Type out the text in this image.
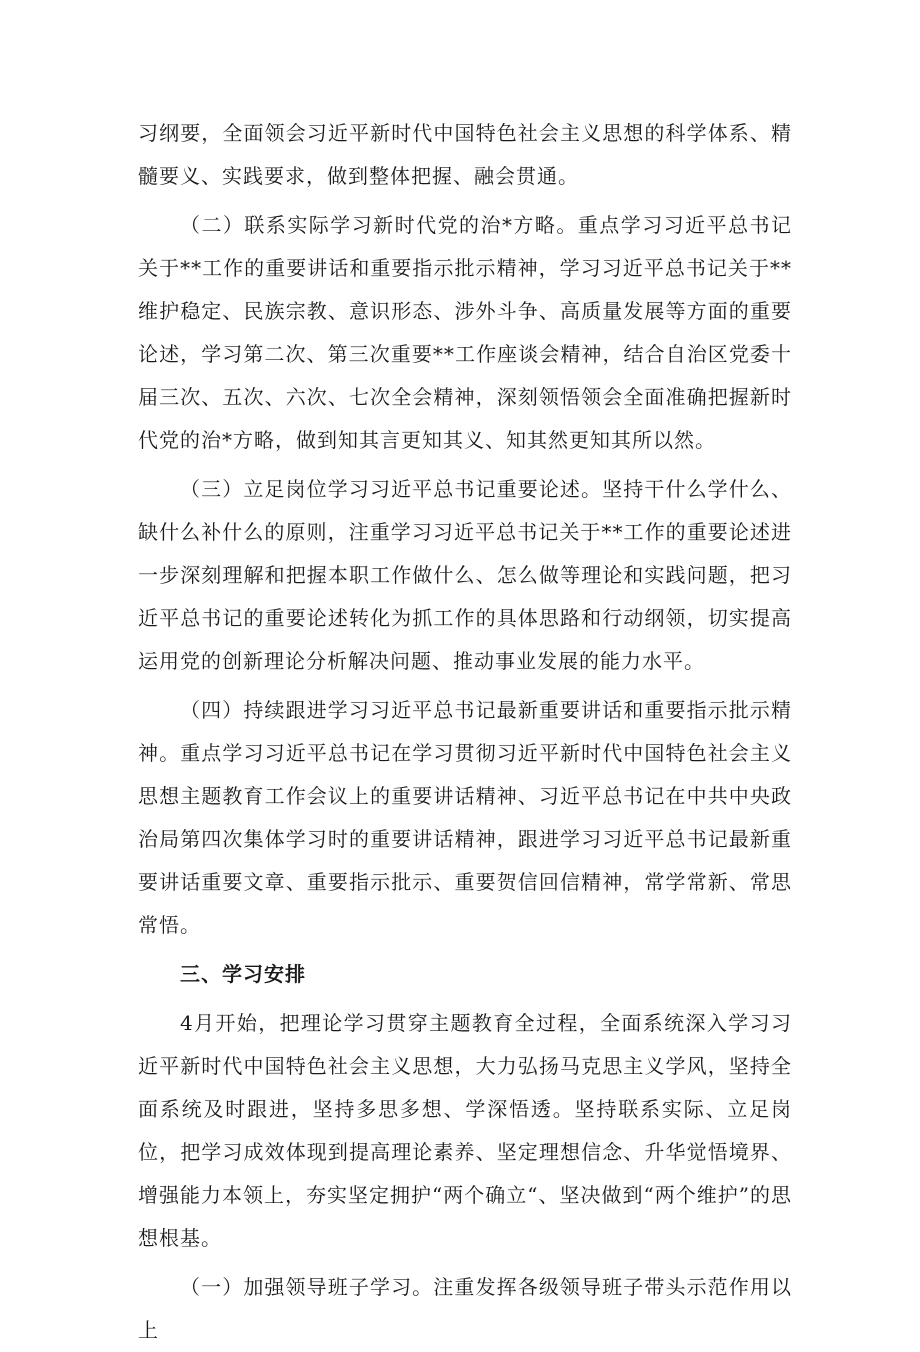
习纲要，全面领会习近平新时代中国特色社会主义思想的科学体系、精髓要义、实践要求，做到整体把握、融会贯通。

（二）联系实际学习新时代党的治*方略。重点学习习近平总书记关于**工作的重要讲话和重要指示批示精神，学习习近平总书记关于**维护稳定、民族宗教、意识形态、涉外斗争、高质量发展等方面的重要论述，学习第二次、第三次重要**工作座谈会精神，结合自治区党委十届三次、五次、六次、七次全会精神，深刻领悟领会全面准确把握新时代党的治*方略，做到知其言更知其义、知其然更知其所以然。

（三）立足岗位学习习近平总书记重要论述。坚持干什么学什么、缺什么补什么的原则，注重学习习近平总书记关于**工作的重要论述进一步深刻理解和把握本职工作做什么、怎么做等理论和实践问题，把习近平总书记的重要论述转化为抓工作的具体思路和行动纲领，切实提高运用党的创新理论分析解决问题、推动事业发展的能力水平。

（四）持续跟进学习习近平总书记最新重要讲话和重要指示批示精神。重点学习习近平总书记在学习贯彻习近平新时代中国特色社会主义思想主题教育工作会议上的重要讲话精神、习近平总书记在中共中央政治局第四次集体学习时的重要讲话精神，跟进学习习近平总书记最新重要讲话重要文章、重要指示批示、重要贺信回信精神，常学常新、常思常悟。

三、学习安排

4月开始，把理论学习贯穿主题教育全过程，全面系统深入学习习近平新时代中国特色社会主义思想，大力弘扬马克思主义学风，坚持全面系统及时跟进，坚持多思多想、学深悟透。坚持联系实际、立足岗位，把学习成效体现到提高理论素养、坚定理想信念、升华觉悟境界、增强能力本领上，夯实坚定拥护“两个确立“、坚决做到“两个维护”的思想根基。

（一）加强领导班子学习。注重发挥各级领导班子带头示范作用以上
